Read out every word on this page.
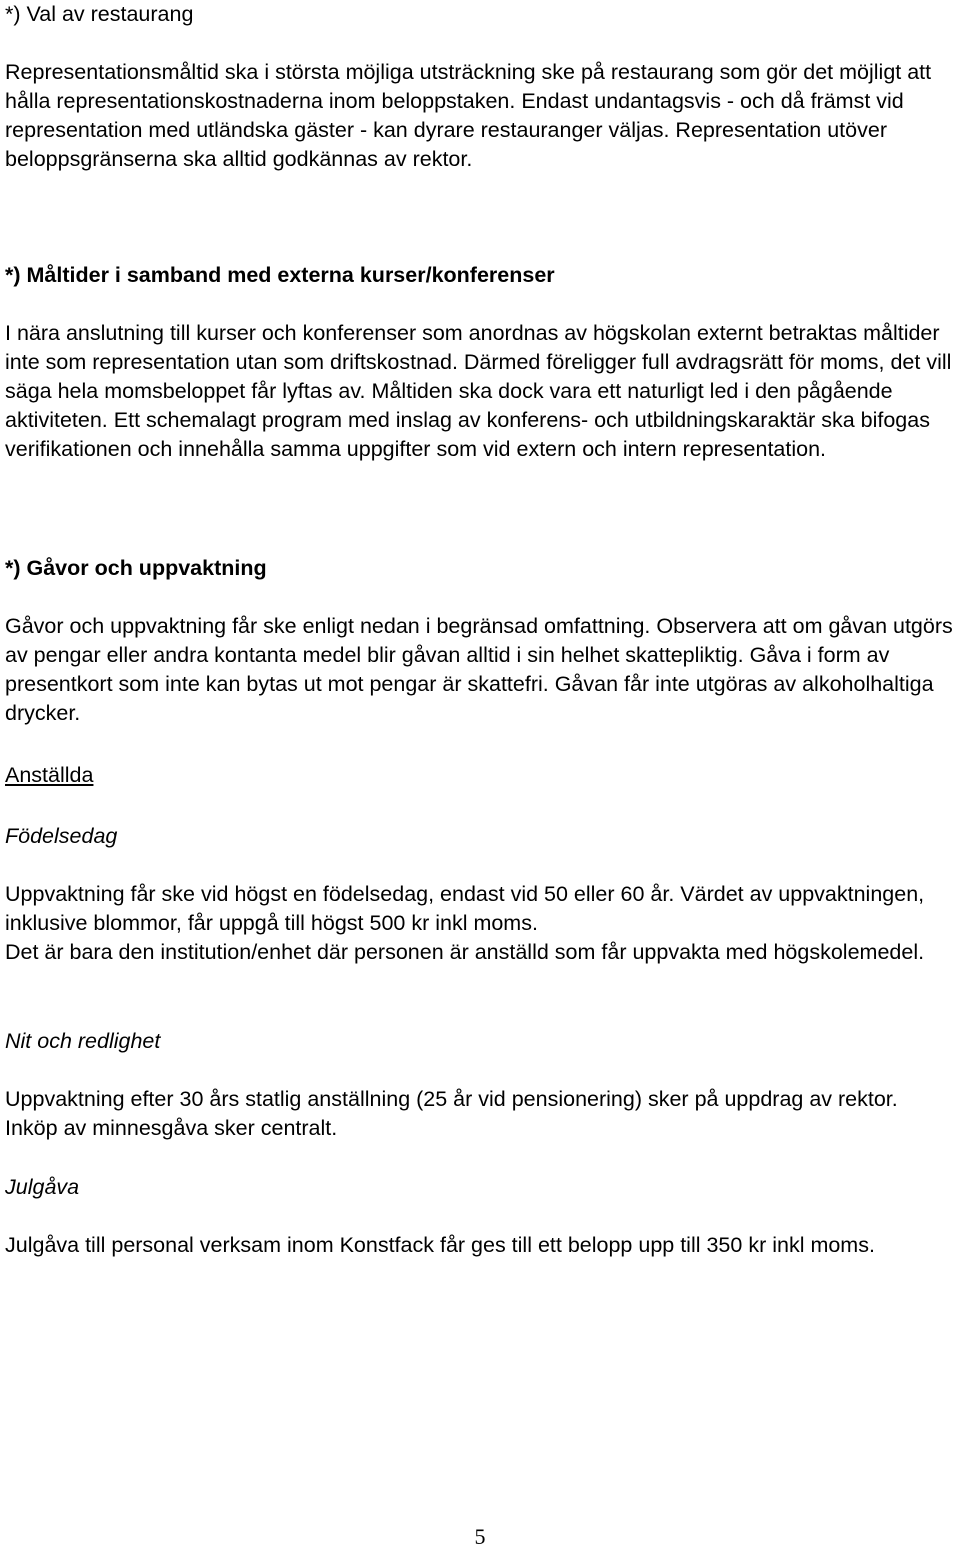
*) Val av restaurang

Representationsmåltid ska i största möjliga utsträckning ske på restaurang som gör det möjligt att hålla representationskostnaderna inom beloppstaken. Endast undantagsvis - och då främst vid representation med utländska gäster - kan dyrare restauranger väljas. Representation utöver beloppsgränserna ska alltid godkännas av rektor.

*) Måltider i samband med externa kurser/konferenser

I nära anslutning till kurser och konferenser som anordnas av högskolan externt betraktas måltider inte som representation utan som driftskostnad. Därmed föreligger full avdragsrätt för moms, det vill säga hela momsbeloppet får lyftas av. Måltiden ska dock vara ett naturligt led i den pågående aktiviteten. Ett schemalagt program med inslag av konferens- och utbildningskaraktär ska bifogas verifikationen och innehålla samma uppgifter som vid extern och intern representation.

*) Gåvor och uppvaktning

Gåvor och uppvaktning får ske enligt nedan i begränsad omfattning. Observera att om gåvan utgörs av pengar eller andra kontanta medel blir gåvan alltid i sin helhet skattepliktig. Gåva i form av presentkort som inte kan bytas ut mot pengar är skattefri. Gåvan får inte utgöras av alkoholhaltiga drycker.

Anställda

Födelsedag

Uppvaktning får ske vid högst en födelsedag, endast vid 50 eller 60 år. Värdet av uppvaktningen, inklusive blommor, får uppgå till högst 500 kr inkl moms.

Det är bara den institution/enhet där personen är anställd som får uppvakta med högskolemedel.

Nit och redlighet

Uppvaktning efter 30 års statlig anställning (25 år vid pensionering) sker på uppdrag av rektor. Inköp av minnesgåva sker centralt.

Julgåva

Julgåva till personal verksam inom Konstfack får ges till ett belopp upp till 350 kr inkl moms.

5
